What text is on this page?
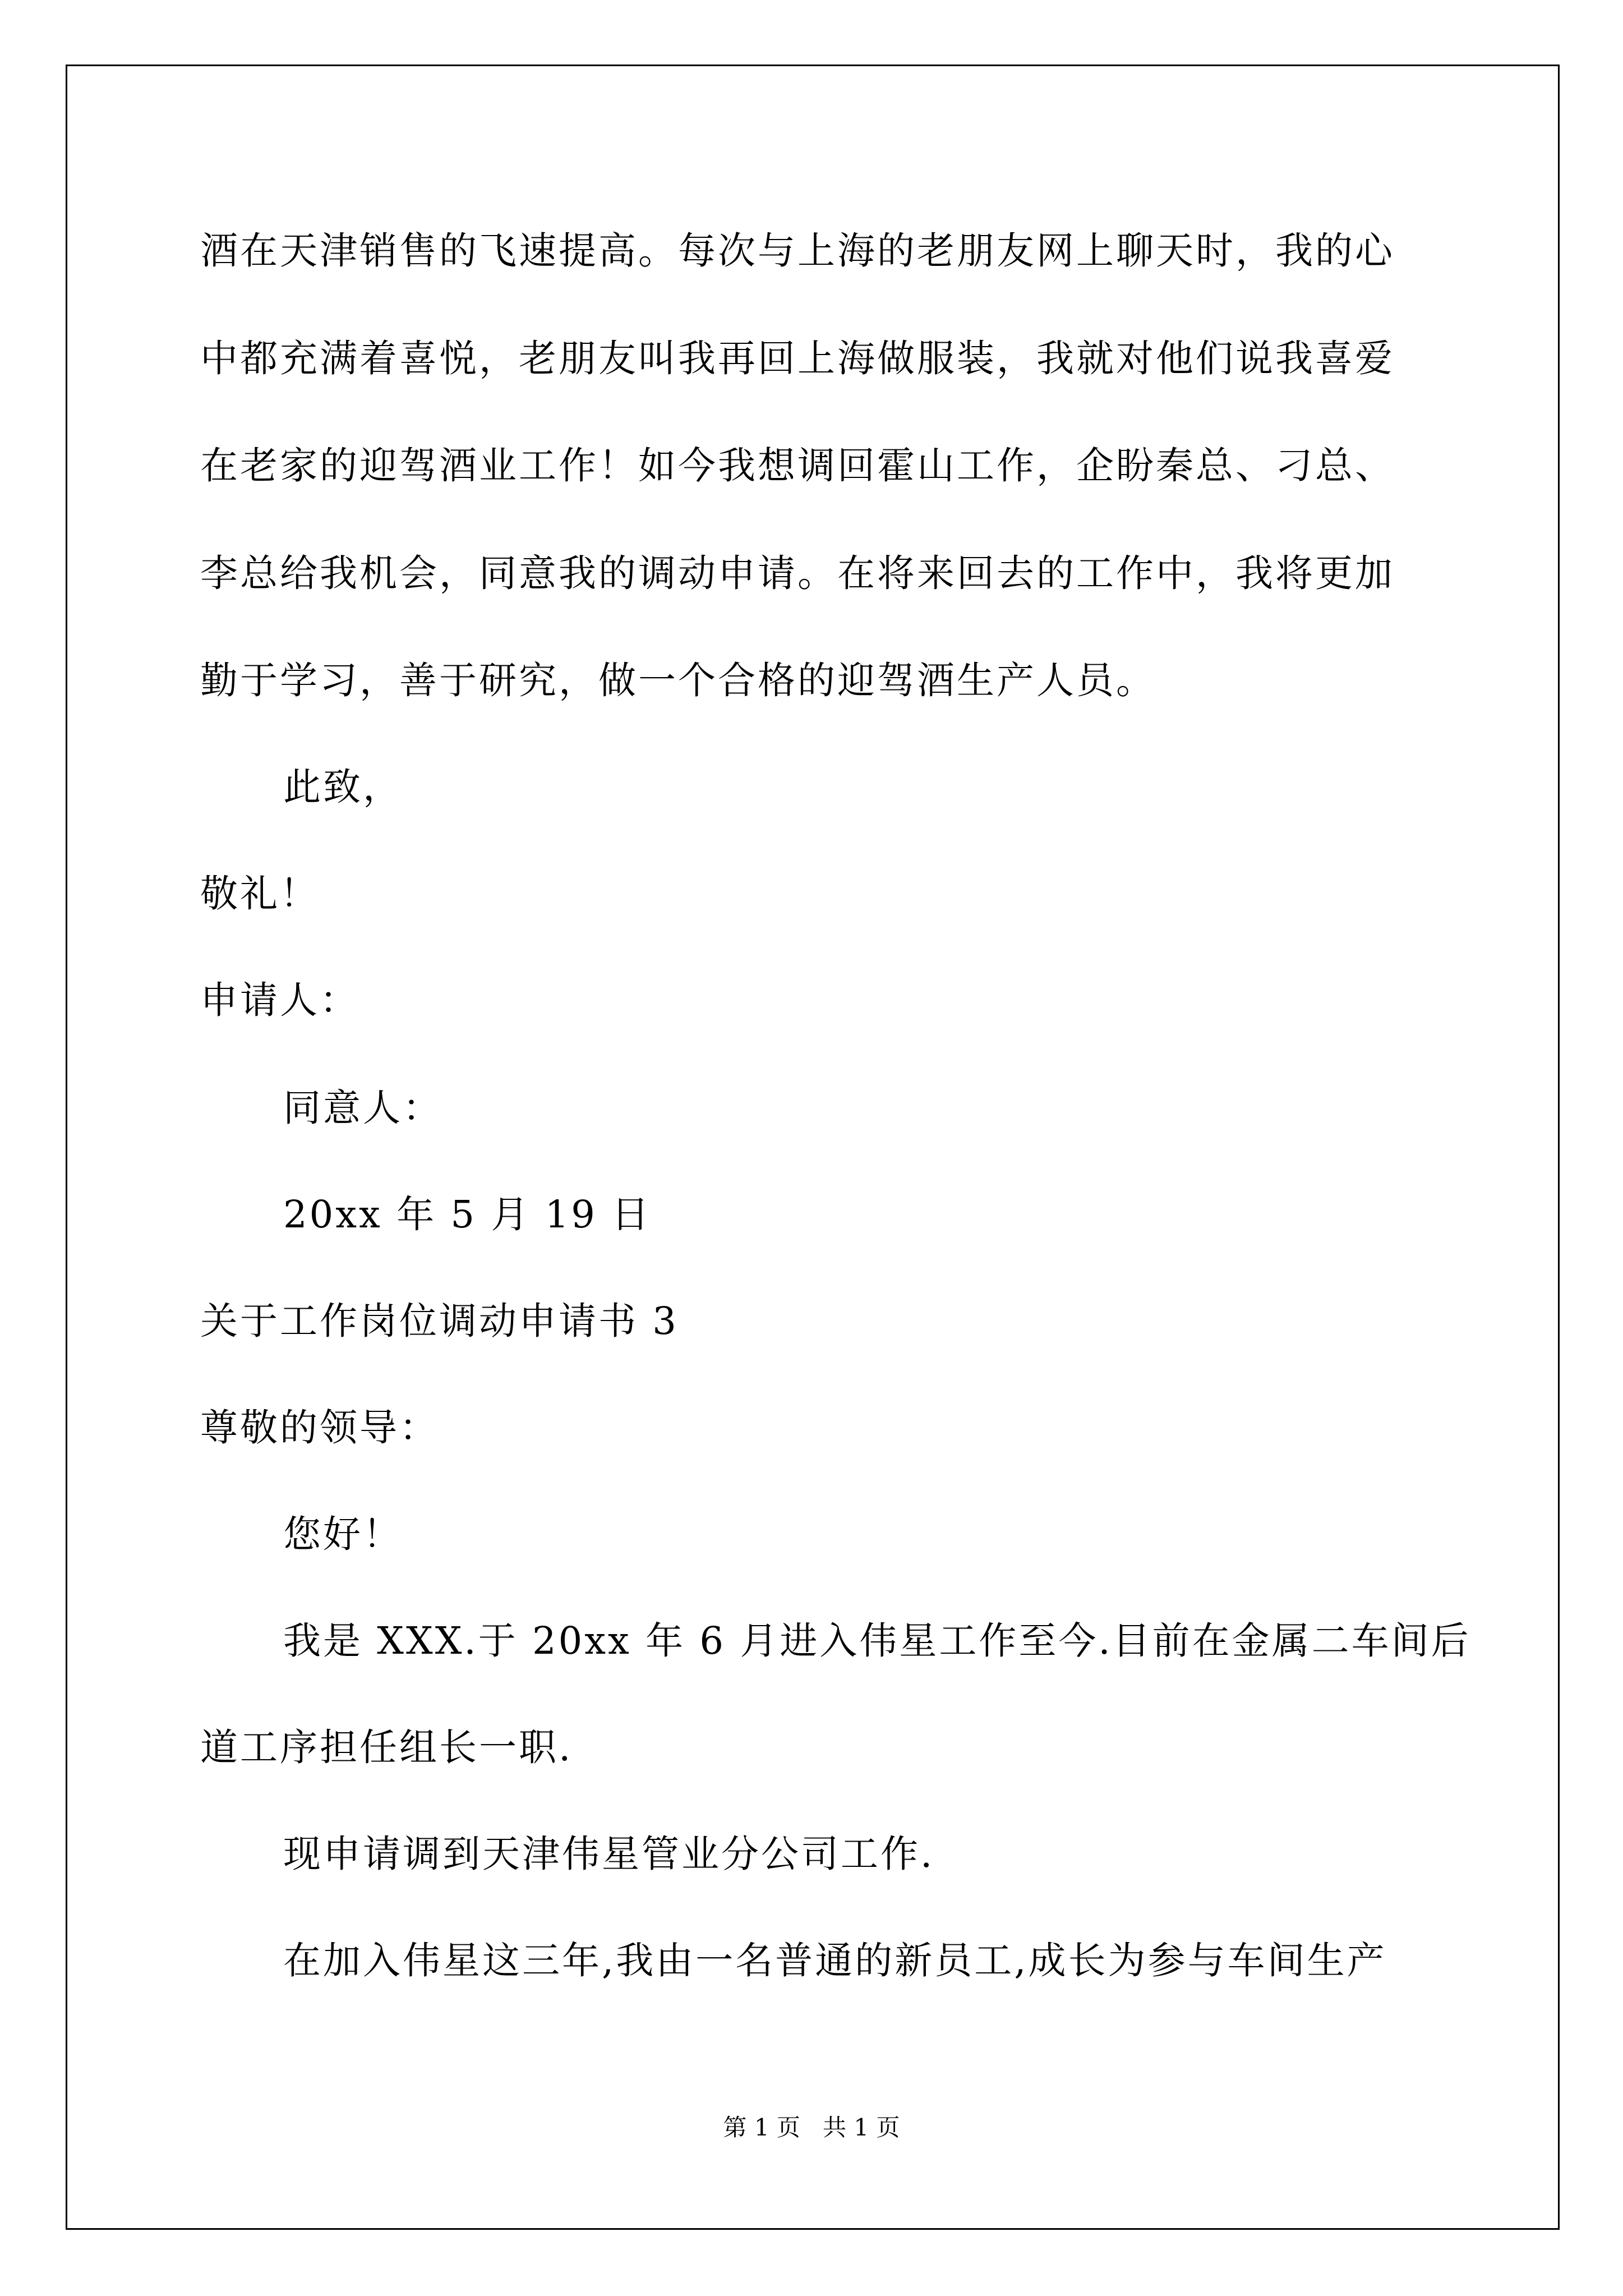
酒在天津销售的飞速提高。每次与上海的老朋友网上聊天时，我的心
中都充满着喜悦，老朋友叫我再回上海做服装，我就对他们说我喜爱
在老家的迎驾酒业工作！如今我想调回霍山工作，企盼秦总、刁总、
李总给我机会，同意我的调动申请。在将来回去的工作中，我将更加
勤于学习，善于研究，做一个合格的迎驾酒生产人员。
此致，
敬礼！
申请人：
同意人：
20xx 年 5 月 19 日
关于工作岗位调动申请书 3
尊敬的领导：
您好！
我是 XXX.于 20xx 年 6 月进入伟星工作至今.目前在金属二车间后
道工序担任组长一职.
现申请调到天津伟星管业分公司工作.
在加入伟星这三年,我由一名普通的新员工,成长为参与车间生产
第 1 页   共 1 页
